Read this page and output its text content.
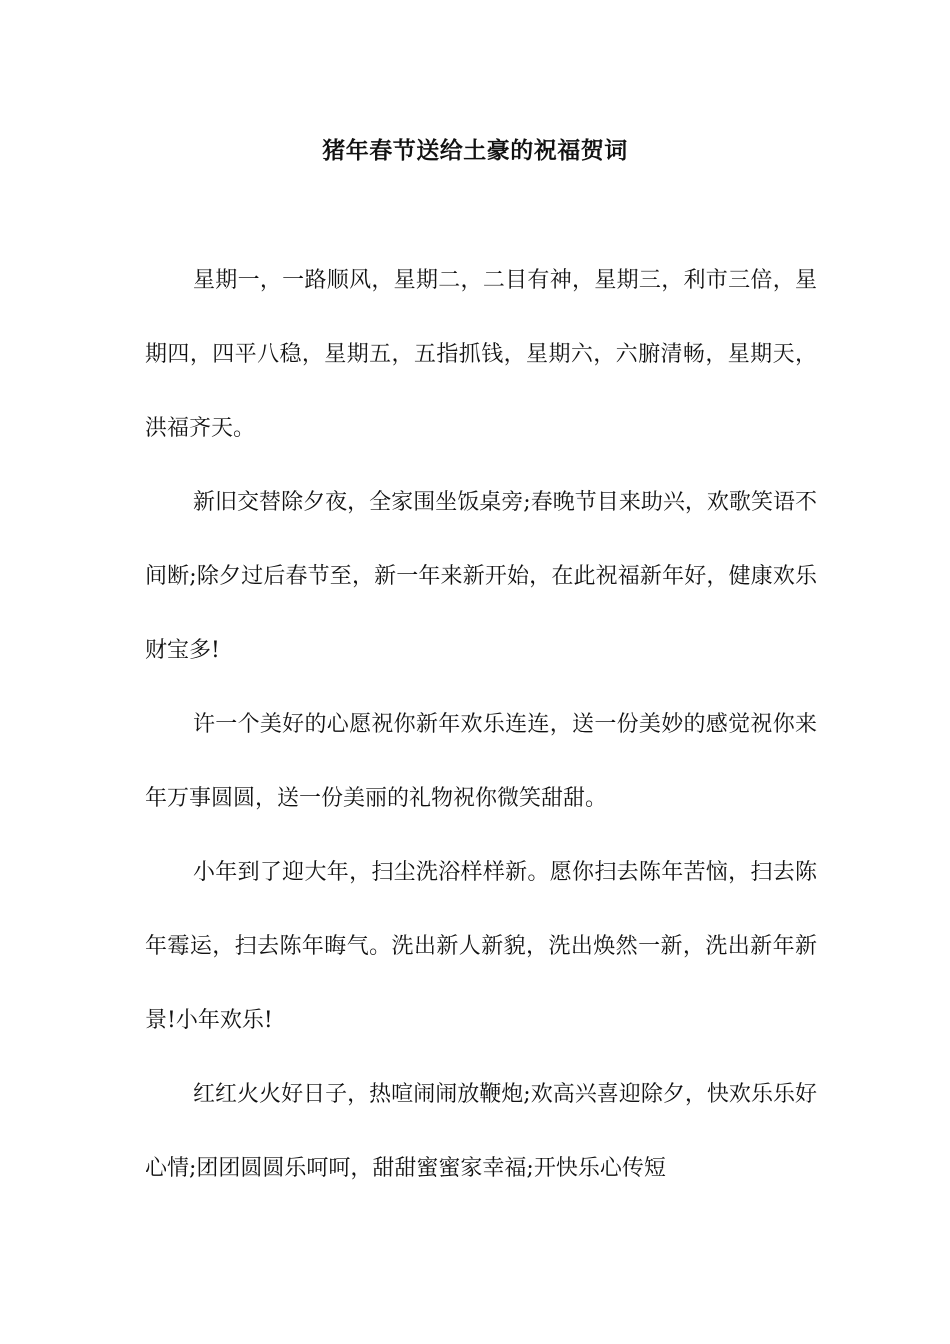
猪年春节送给土豪的祝福贺词

星期一，一路顺风，星期二，二目有神，星期三，利市三倍，星期四，四平八稳，星期五，五指抓钱，星期六，六腑清畅，星期天，洪福齐天。

新旧交替除夕夜，全家围坐饭桌旁;春晚节目来助兴，欢歌笑语不间断;除夕过后春节至，新一年来新开始，在此祝福新年好，健康欢乐财宝多!

许一个美好的心愿祝你新年欢乐连连，送一份美妙的感觉祝你来年万事圆圆，送一份美丽的礼物祝你微笑甜甜。

小年到了迎大年，扫尘洗浴样样新。愿你扫去陈年苦恼，扫去陈年霉运，扫去陈年晦气。洗出新人新貌，洗出焕然一新，洗出新年新景!小年欢乐!

红红火火好日子，热喧闹闹放鞭炮;欢高兴喜迎除夕，快欢乐乐好心情;团团圆圆乐呵呵，甜甜蜜蜜家幸福;开快乐心传短
